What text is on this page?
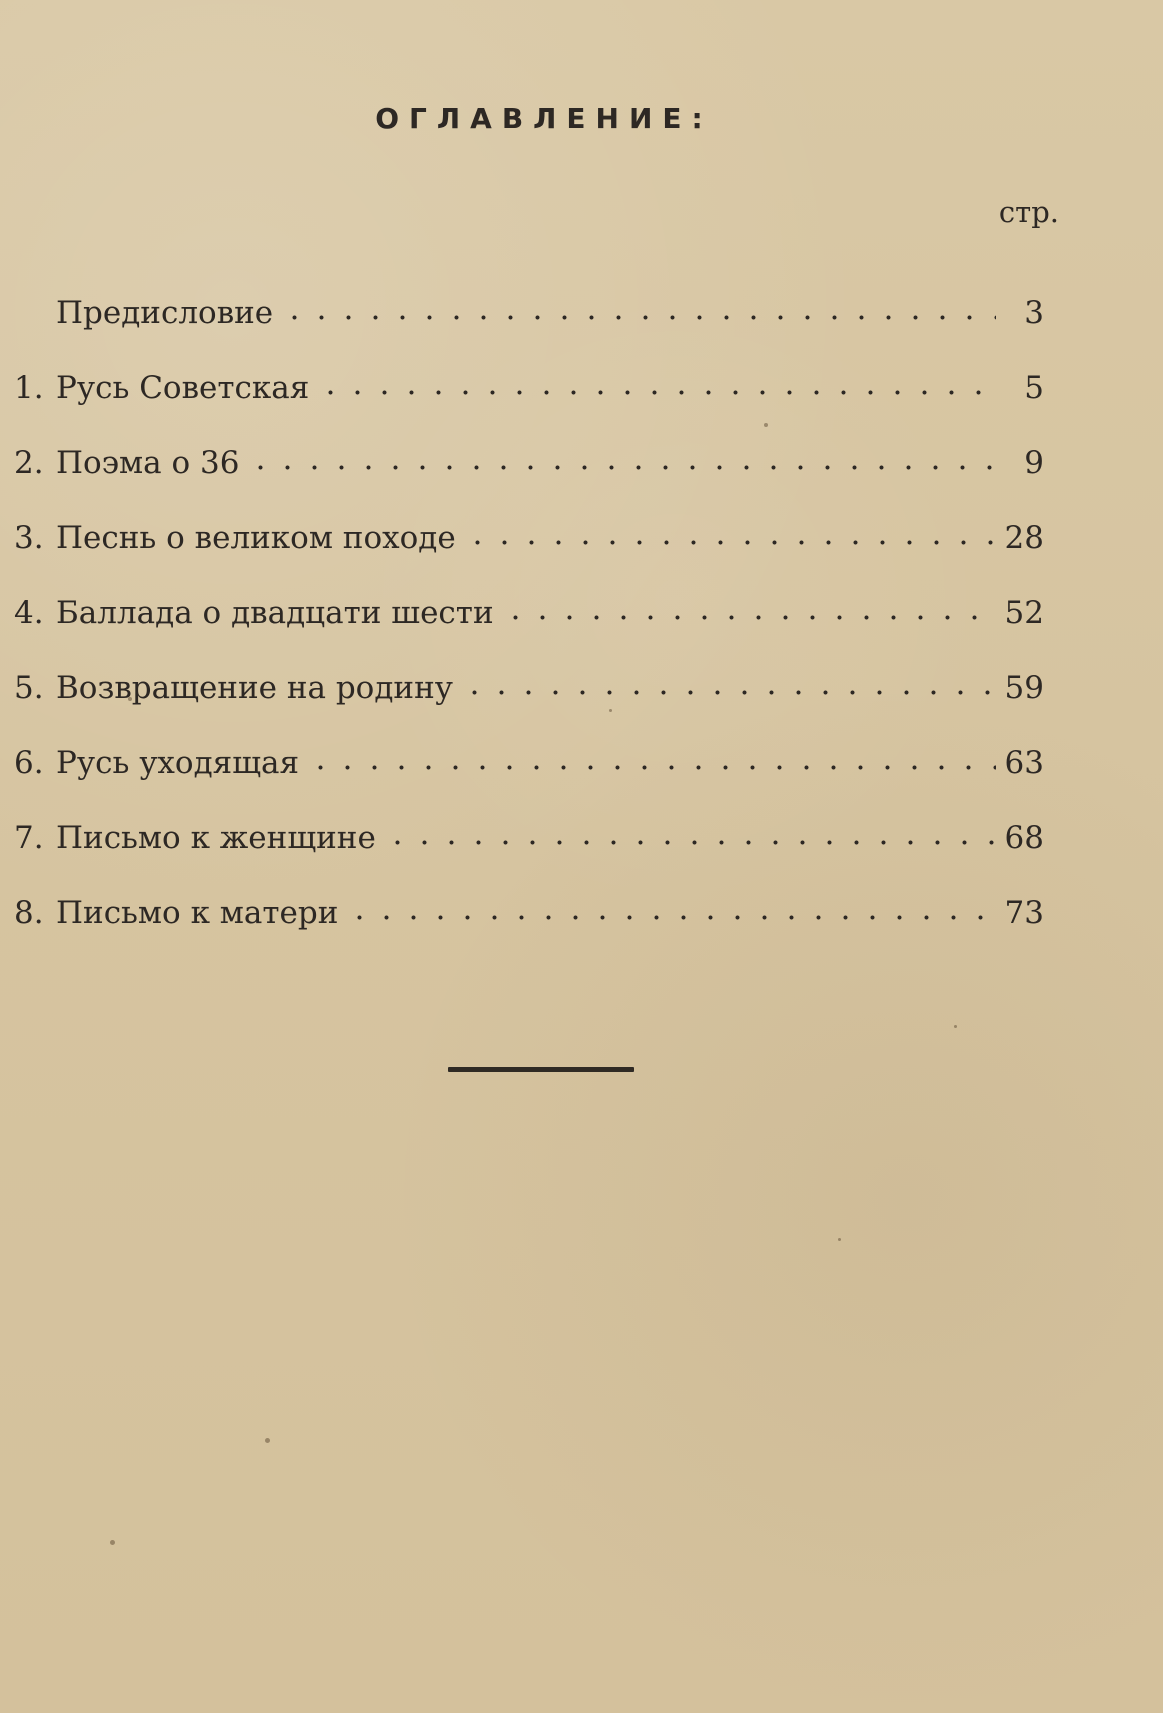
ОГЛАВЛЕНИЕ:
стр.
Предисловие	3
1. Русь Советская	5
2. Поэма о 36	9
3. Песнь о великом походе	28
4. Баллада о двадцати шести	52
5. Возвращение на родину	59
6. Русь уходящая	63
7. Письмо к женщине	68
8. Письмо к матери	73
